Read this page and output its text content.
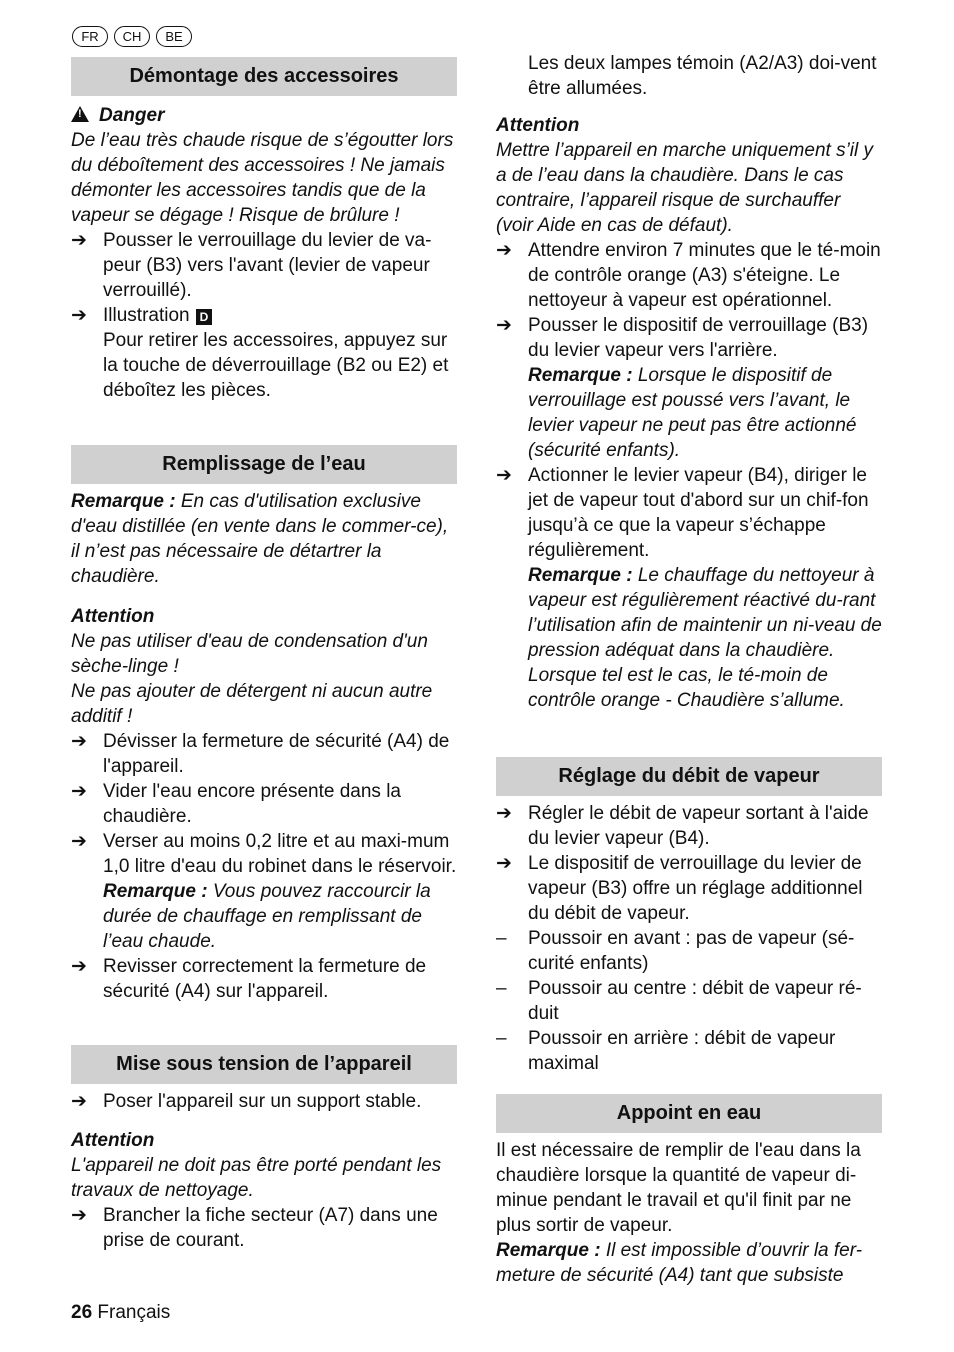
FR	CH	BE
Démontage des accessoires
!Danger
De l’eau très chaude risque de s’égoutter lors du déboîtement des accessoires ! Ne jamais démonter les accessoires tandis que de la vapeur se dégage ! Risque de brûlure !
➔ Pousser le verrouillage du levier de va-peur (B3) vers l'avant (levier de vapeur verrouillé).
➔ Illustration D
Pour retirer les accessoires, appuyez sur la touche de déverrouillage (B2 ou E2) et déboîtez les pièces.
Remplissage de l’eau
Remarque : En cas d'utilisation exclusive d'eau distillée (en vente dans le commer-ce), il n’est pas nécessaire de détartrer la chaudière.
Attention
Ne pas utiliser d'eau de condensation d'un sèche-linge !
Ne pas ajouter de détergent ni aucun autre additif !
➔ Dévisser la fermeture de sécurité (A4) de l'appareil.
➔ Vider l'eau encore présente dans la chaudière.
➔ Verser au moins 0,2 litre et au maxi-mum 1,0 litre d'eau du robinet dans le réservoir.
Remarque : Vous pouvez raccourcir la durée de chauffage en remplissant de l’eau chaude.
➔ Revisser correctement la fermeture de sécurité (A4) sur l'appareil.
Mise sous tension de l’appareil
➔ Poser l'appareil sur un support stable.
Attention
L'appareil ne doit pas être porté pendant les travaux de nettoyage.
➔ Brancher la fiche secteur (A7) dans une prise de courant.
Les deux lampes témoin (A2/A3) doi-vent être allumées.
Attention
Mettre l’appareil en marche uniquement s’il y a de l’eau dans la chaudière. Dans le cas contraire, l’appareil risque de surchauffer (voir Aide en cas de défaut).
➔ Attendre environ 7 minutes que le té-moin de contrôle orange (A3) s'éteigne. Le nettoyeur à vapeur est opérationnel.
➔ Pousser le dispositif de verrouillage (B3) du levier vapeur vers l'arrière.
Remarque : Lorsque le dispositif de verrouillage est poussé vers l’avant, le levier vapeur ne peut pas être actionné (sécurité enfants).
➔ Actionner le levier vapeur (B4), diriger le jet de vapeur tout d'abord sur un chif-fon jusqu’à ce que la vapeur s’échappe régulièrement.
Remarque : Le chauffage du nettoyeur à vapeur est régulièrement réactivé du-rant l’utilisation afin de maintenir un ni-veau de pression adéquat dans la chaudière. Lorsque tel est le cas, le té-moin de contrôle orange - Chaudière s’allume.
Réglage du débit de vapeur
➔ Régler le débit de vapeur sortant à l'aide du levier vapeur (B4).
➔ Le dispositif de verrouillage du levier de vapeur (B3) offre un réglage additionnel du débit de vapeur.
–	Poussoir en avant : pas de vapeur (sé-curité enfants)
–	Poussoir au centre : débit de vapeur ré-duit
–	Poussoir en arrière : débit de vapeur maximal
Appoint en eau
Il est nécessaire de remplir de l'eau dans la chaudière lorsque la quantité de vapeur di-minue pendant le travail et qu'il finit par ne plus sortir de vapeur.
Remarque : Il est impossible d’ouvrir la fer-meture de sécurité (A4) tant que subsiste
26 Français
